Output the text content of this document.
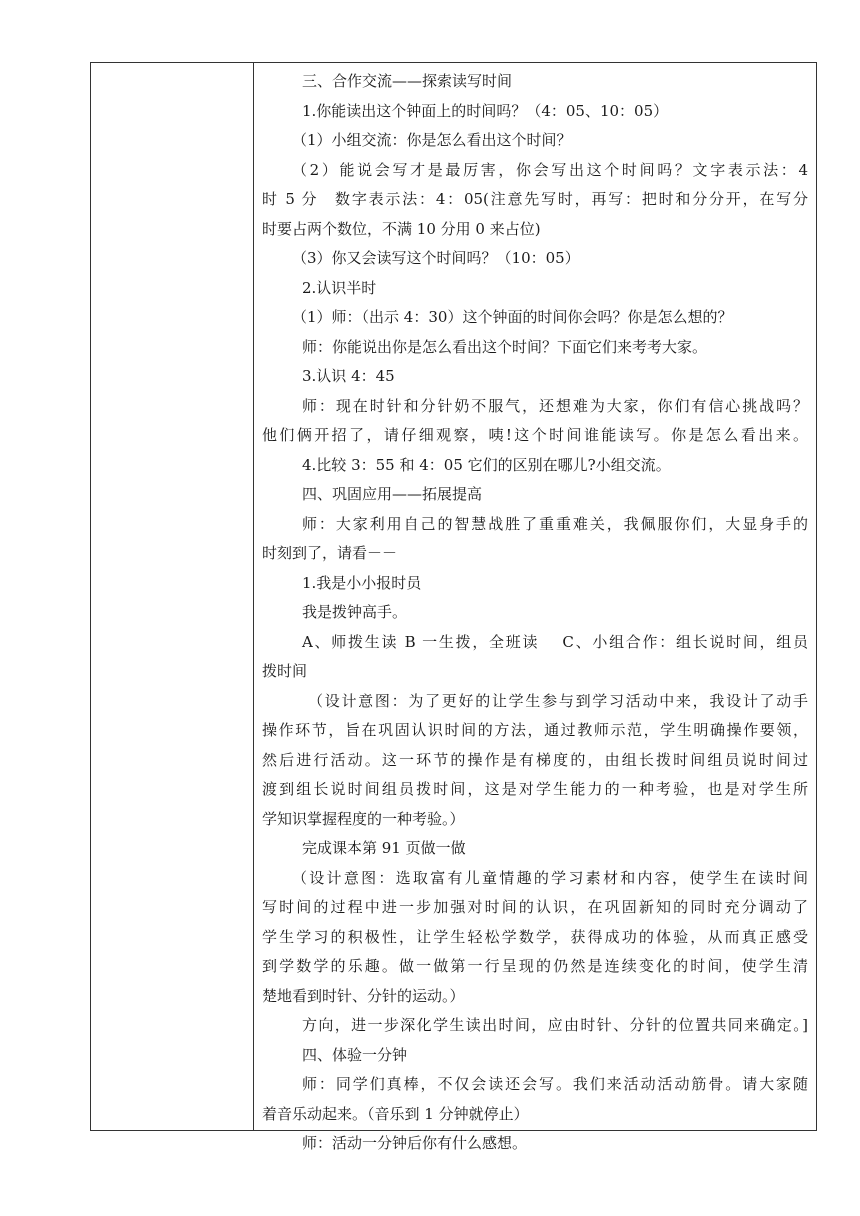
三、合作交流——探索读写时间
1.你能读出这个钟面上的时间吗？（4：05、10：05）
（1）小组交流：你是怎么看出这个时间？
（2）能说会写才是最厉害，你会写出这个时间吗？文字表示法：4
时 5 分　数字表示法：4：05(注意先写时，再写：把时和分分开，在写分
时要占两个数位，不满 10 分用 0 来占位)
（3）你又会读写这个时间吗？（10：05）
2.认识半时
（1）师：（出示 4：30）这个钟面的时间你会吗？你是怎么想的？
师：你能说出你是怎么看出这个时间？下面它们来考考大家。
3.认识 4：45
师：现在时针和分针奶不服气，还想难为大家，你们有信心挑战吗？
他们俩开招了，请仔细观察，咦!这个时间谁能读写。你是怎么看出来。
4.比较 3：55 和 4：05 它们的区别在哪儿?小组交流。
四、巩固应用——拓展提高
师：大家利用自己的智慧战胜了重重难关，我佩服你们，大显身手的
时刻到了，请看－－
1.我是小小报时员
我是拨钟高手。
A、师拨生读 B 一生拨，全班读　 C、小组合作：组长说时间，组员
拨时间
（设计意图：为了更好的让学生参与到学习活动中来，我设计了动手
操作环节，旨在巩固认识时间的方法，通过教师示范，学生明确操作要领，
然后进行活动。这一环节的操作是有梯度的，由组长拨时间组员说时间过
渡到组长说时间组员拨时间，这是对学生能力的一种考验，也是对学生所
学知识掌握程度的一种考验。）
完成课本第 91 页做一做
（设计意图：选取富有儿童情趣的学习素材和内容，使学生在读时间
写时间的过程中进一步加强对时间的认识，在巩固新知的同时充分调动了
学生学习的积极性，让学生轻松学数学，获得成功的体验，从而真正感受
到学数学的乐趣。做一做第一行呈现的仍然是连续变化的时间，使学生清
楚地看到时针、分针的运动。）
方向，进一步深化学生读出时间，应由时针、分针的位置共同来确定。]
四、体验一分钟
师：同学们真棒，不仅会读还会写。我们来活动活动筋骨。请大家随
着音乐动起来。（音乐到 1 分钟就停止）
师：活动一分钟后你有什么感想。
